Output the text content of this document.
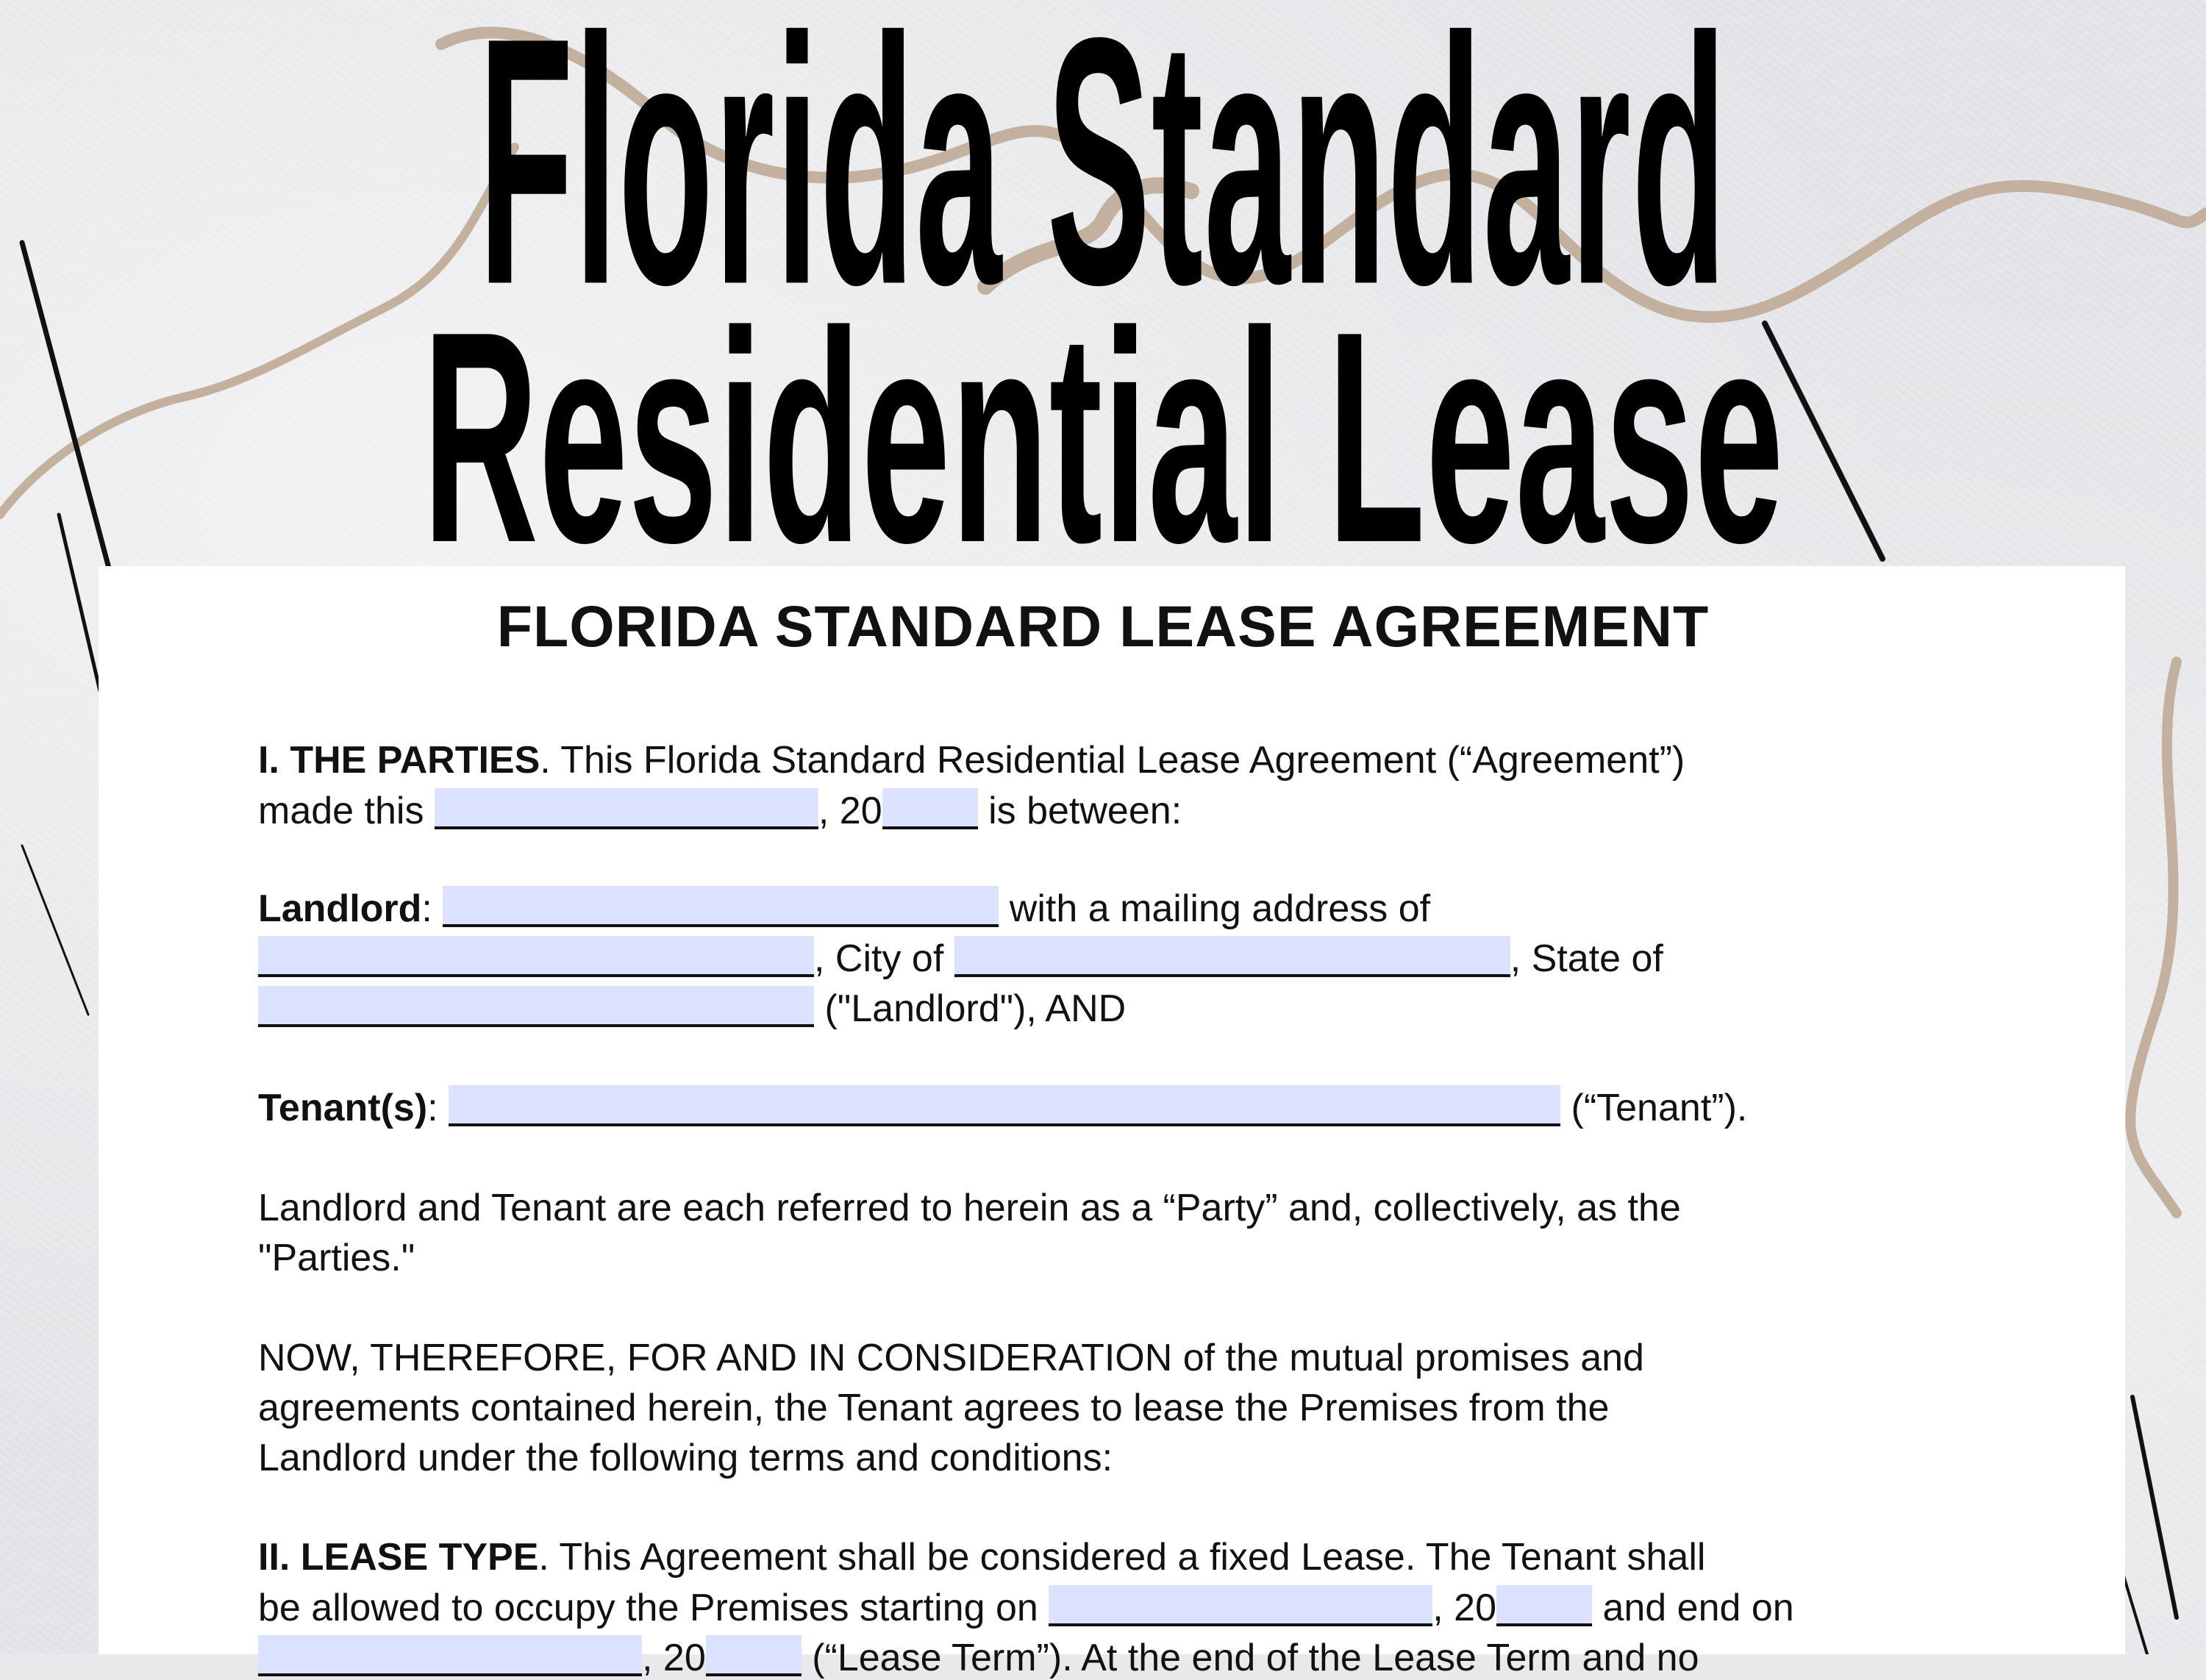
Florida Standard
Residential Lease
FLORIDA STANDARD LEASE AGREEMENT
I. THE PARTIES. This Florida Standard Residential Lease Agreement (“Agreement”)
made this	, 20	is between:
Landlord:	with a mailing address of
, City of	, State of
("Landlord"), AND
Tenant(s):	(“Tenant”).
Landlord and Tenant are each referred to herein as a “Party” and, collectively, as the
"Parties."
NOW, THEREFORE, FOR AND IN CONSIDERATION of the mutual promises and
agreements contained herein, the Tenant agrees to lease the Premises from the
Landlord under the following terms and conditions:
II. LEASE TYPE. This Agreement shall be considered a fixed Lease. The Tenant shall
be allowed to occupy the Premises starting on	, 20	and end on
, 20	(“Lease Term”). At the end of the Lease Term and no
